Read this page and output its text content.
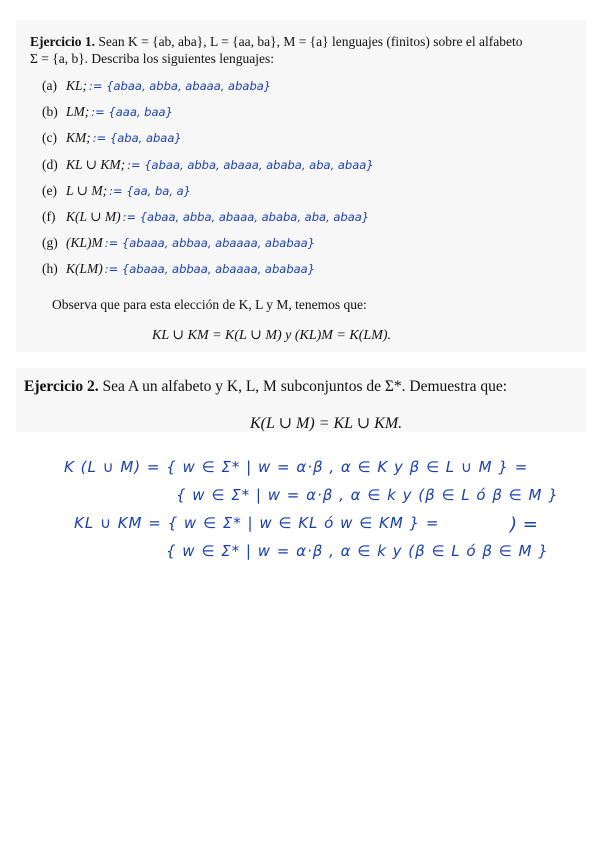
Ejercicio 1. Sean K = {ab, aba}, L = {aa, ba}, M = {a} lenguajes (finitos) sobre el alfabeto
Σ = {a, b}. Describa los siguientes lenguajes:
(a) KL; := {abaa, abba, abaaa, ababa}
(b) LM; := {aaa, baa}
(c) KM; := {aba, abaa}
(d) KL ∪ KM; := {abaa, abba, abaaa, ababa, aba, abaa}
(e) L ∪ M; := {aa, ba, a}
(f) K(L ∪ M) := {abaa, abba, abaaa, ababa, aba, abaa}
(g) (KL)M := {abaaa, abbaa, abaaaa, ababaa}
(h) K(LM) := {abaaa, abbaa, abaaaa, ababaa}
Observa que para esta elección de K, L y M, tenemos que:
KL ∪ KM = K(L ∪ M) y (KL)M = K(LM).
Ejercicio 2. Sea A un alfabeto y K, L, M subconjuntos de Σ*. Demuestra que:
K(L ∪ M) = KL ∪ KM.
K (L ∪ M) = { w ∈ Σ* | w = α·β , α ∈ K y β ∈ L ∪ M } =
{ w ∈ Σ* | w = α·β , α ∈ k y (β ∈ L ó β ∈ M }
KL ∪ KM = { w ∈ Σ* | w ∈ KL ó w ∈ KM } =	) =
{ w ∈ Σ* | w = α·β , α ∈ k y (β ∈ L ó β ∈ M }
